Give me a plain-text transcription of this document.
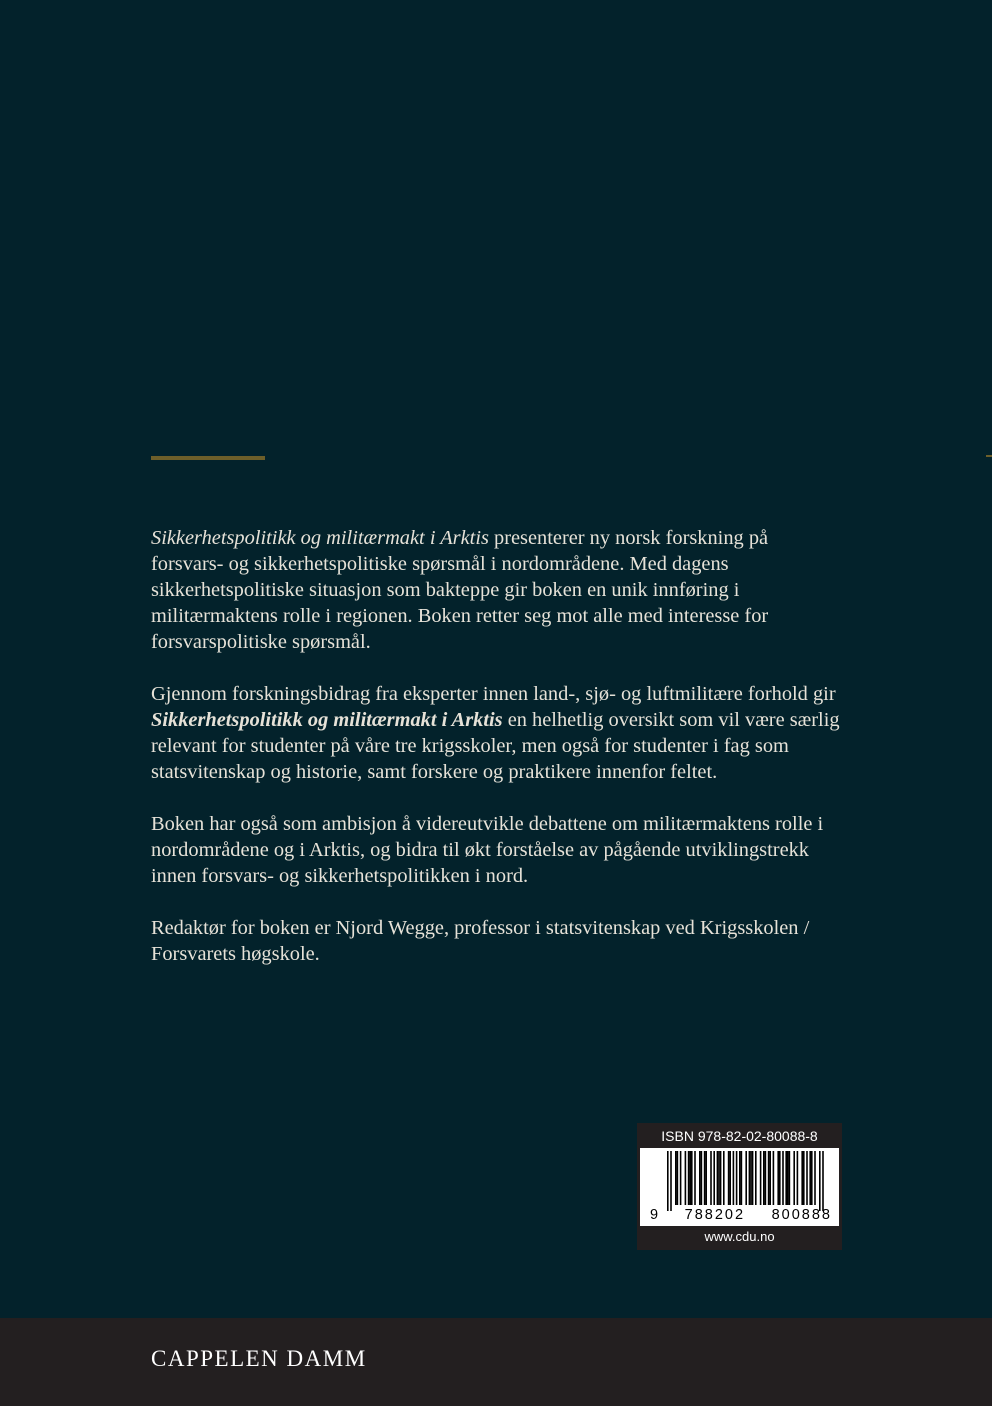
Sikkerhetspolitikk og militærmakt i Arktis presenterer ny norsk forskning på forsvars- og sikkerhetspolitiske spørsmål i nordområdene. Med dagens sikkerhetspolitiske situasjon som bakteppe gir boken en unik innføring i militærmaktens rolle i regionen. Boken retter seg mot alle med interesse for forsvarspolitiske spørsmål.

Gjennom forskningsbidrag fra eksperter innen land-, sjø- og luftmilitære forhold gir Sikkerhetspolitikk og militærmakt i Arktis en helhetlig oversikt som vil være særlig relevant for studenter på våre tre krigsskoler, men også for studenter i fag som statsvitenskap og historie, samt forskere og praktikere innenfor feltet.

Boken har også som ambisjon å videreutvikle debattene om militærmaktens rolle i nordområdene og i Arktis, og bidra til økt forståelse av pågående utviklingstrekk innen forsvars- og sikkerhetspolitikken i nord.

Redaktør for boken er Njord Wegge, professor i statsvitenskap ved Krigsskolen / Forsvarets høgskole.

ISBN 978-82-02-80088-8
9 788202 800888
www.cdu.no
CAPPELEN DAMM
